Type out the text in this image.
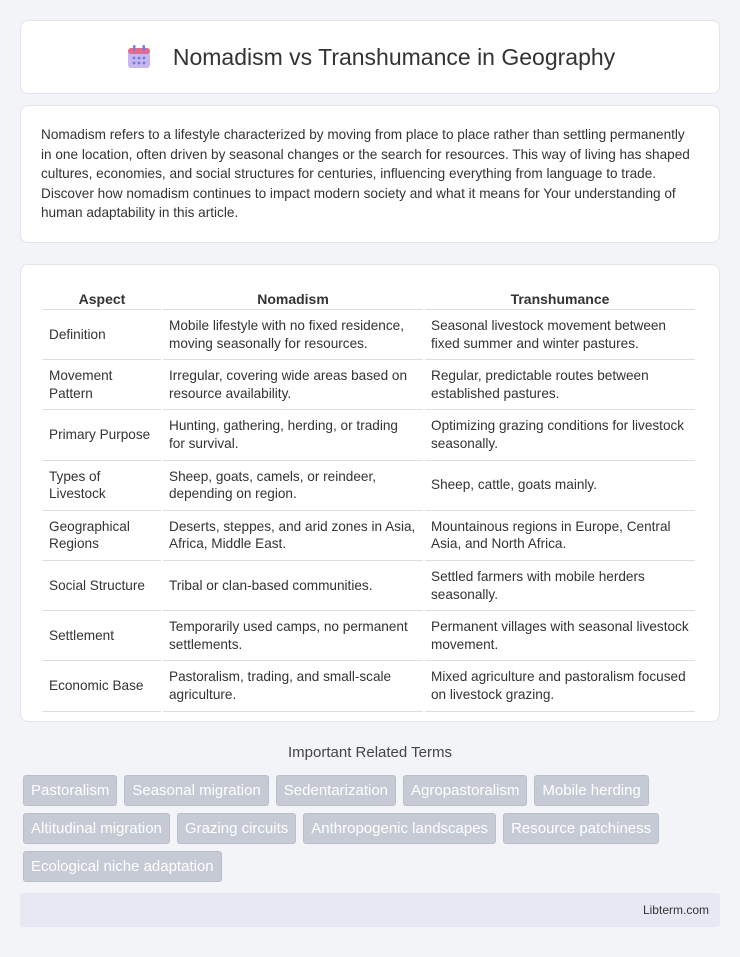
Nomadism vs Transhumance in Geography

Nomadism refers to a lifestyle characterized by moving from place to place rather than settling permanently in one location, often driven by seasonal changes or the search for resources. This way of living has shaped cultures, economies, and social structures for centuries, influencing everything from language to trade. Discover how nomadism continues to impact modern society and what it means for Your understanding of human adaptability in this article.

Aspect	Nomadism	Transhumance
Definition	Mobile lifestyle with no fixed residence, moving seasonally for resources.	Seasonal livestock movement between fixed summer and winter pastures.
Movement Pattern	Irregular, covering wide areas based on resource availability.	Regular, predictable routes between established pastures.
Primary Purpose	Hunting, gathering, herding, or trading for survival.	Optimizing grazing conditions for livestock seasonally.
Types of Livestock	Sheep, goats, camels, or reindeer, depending on region.	Sheep, cattle, goats mainly.
Geographical Regions	Deserts, steppes, and arid zones in Asia, Africa, Middle East.	Mountainous regions in Europe, Central Asia, and North Africa.
Social Structure	Tribal or clan-based communities.	Settled farmers with mobile herders seasonally.
Settlement	Temporarily used camps, no permanent settlements.	Permanent villages with seasonal livestock movement.
Economic Base	Pastoralism, trading, and small-scale agriculture.	Mixed agriculture and pastoralism focused on livestock grazing.
Important Related Terms
Pastoralism	Seasonal migration	Sedentarization	Agropastoralism	Mobile herding
Altitudinal migration	Grazing circuits	Anthropogenic landscapes	Resource patchiness
Ecological niche adaptation
Libterm.com
